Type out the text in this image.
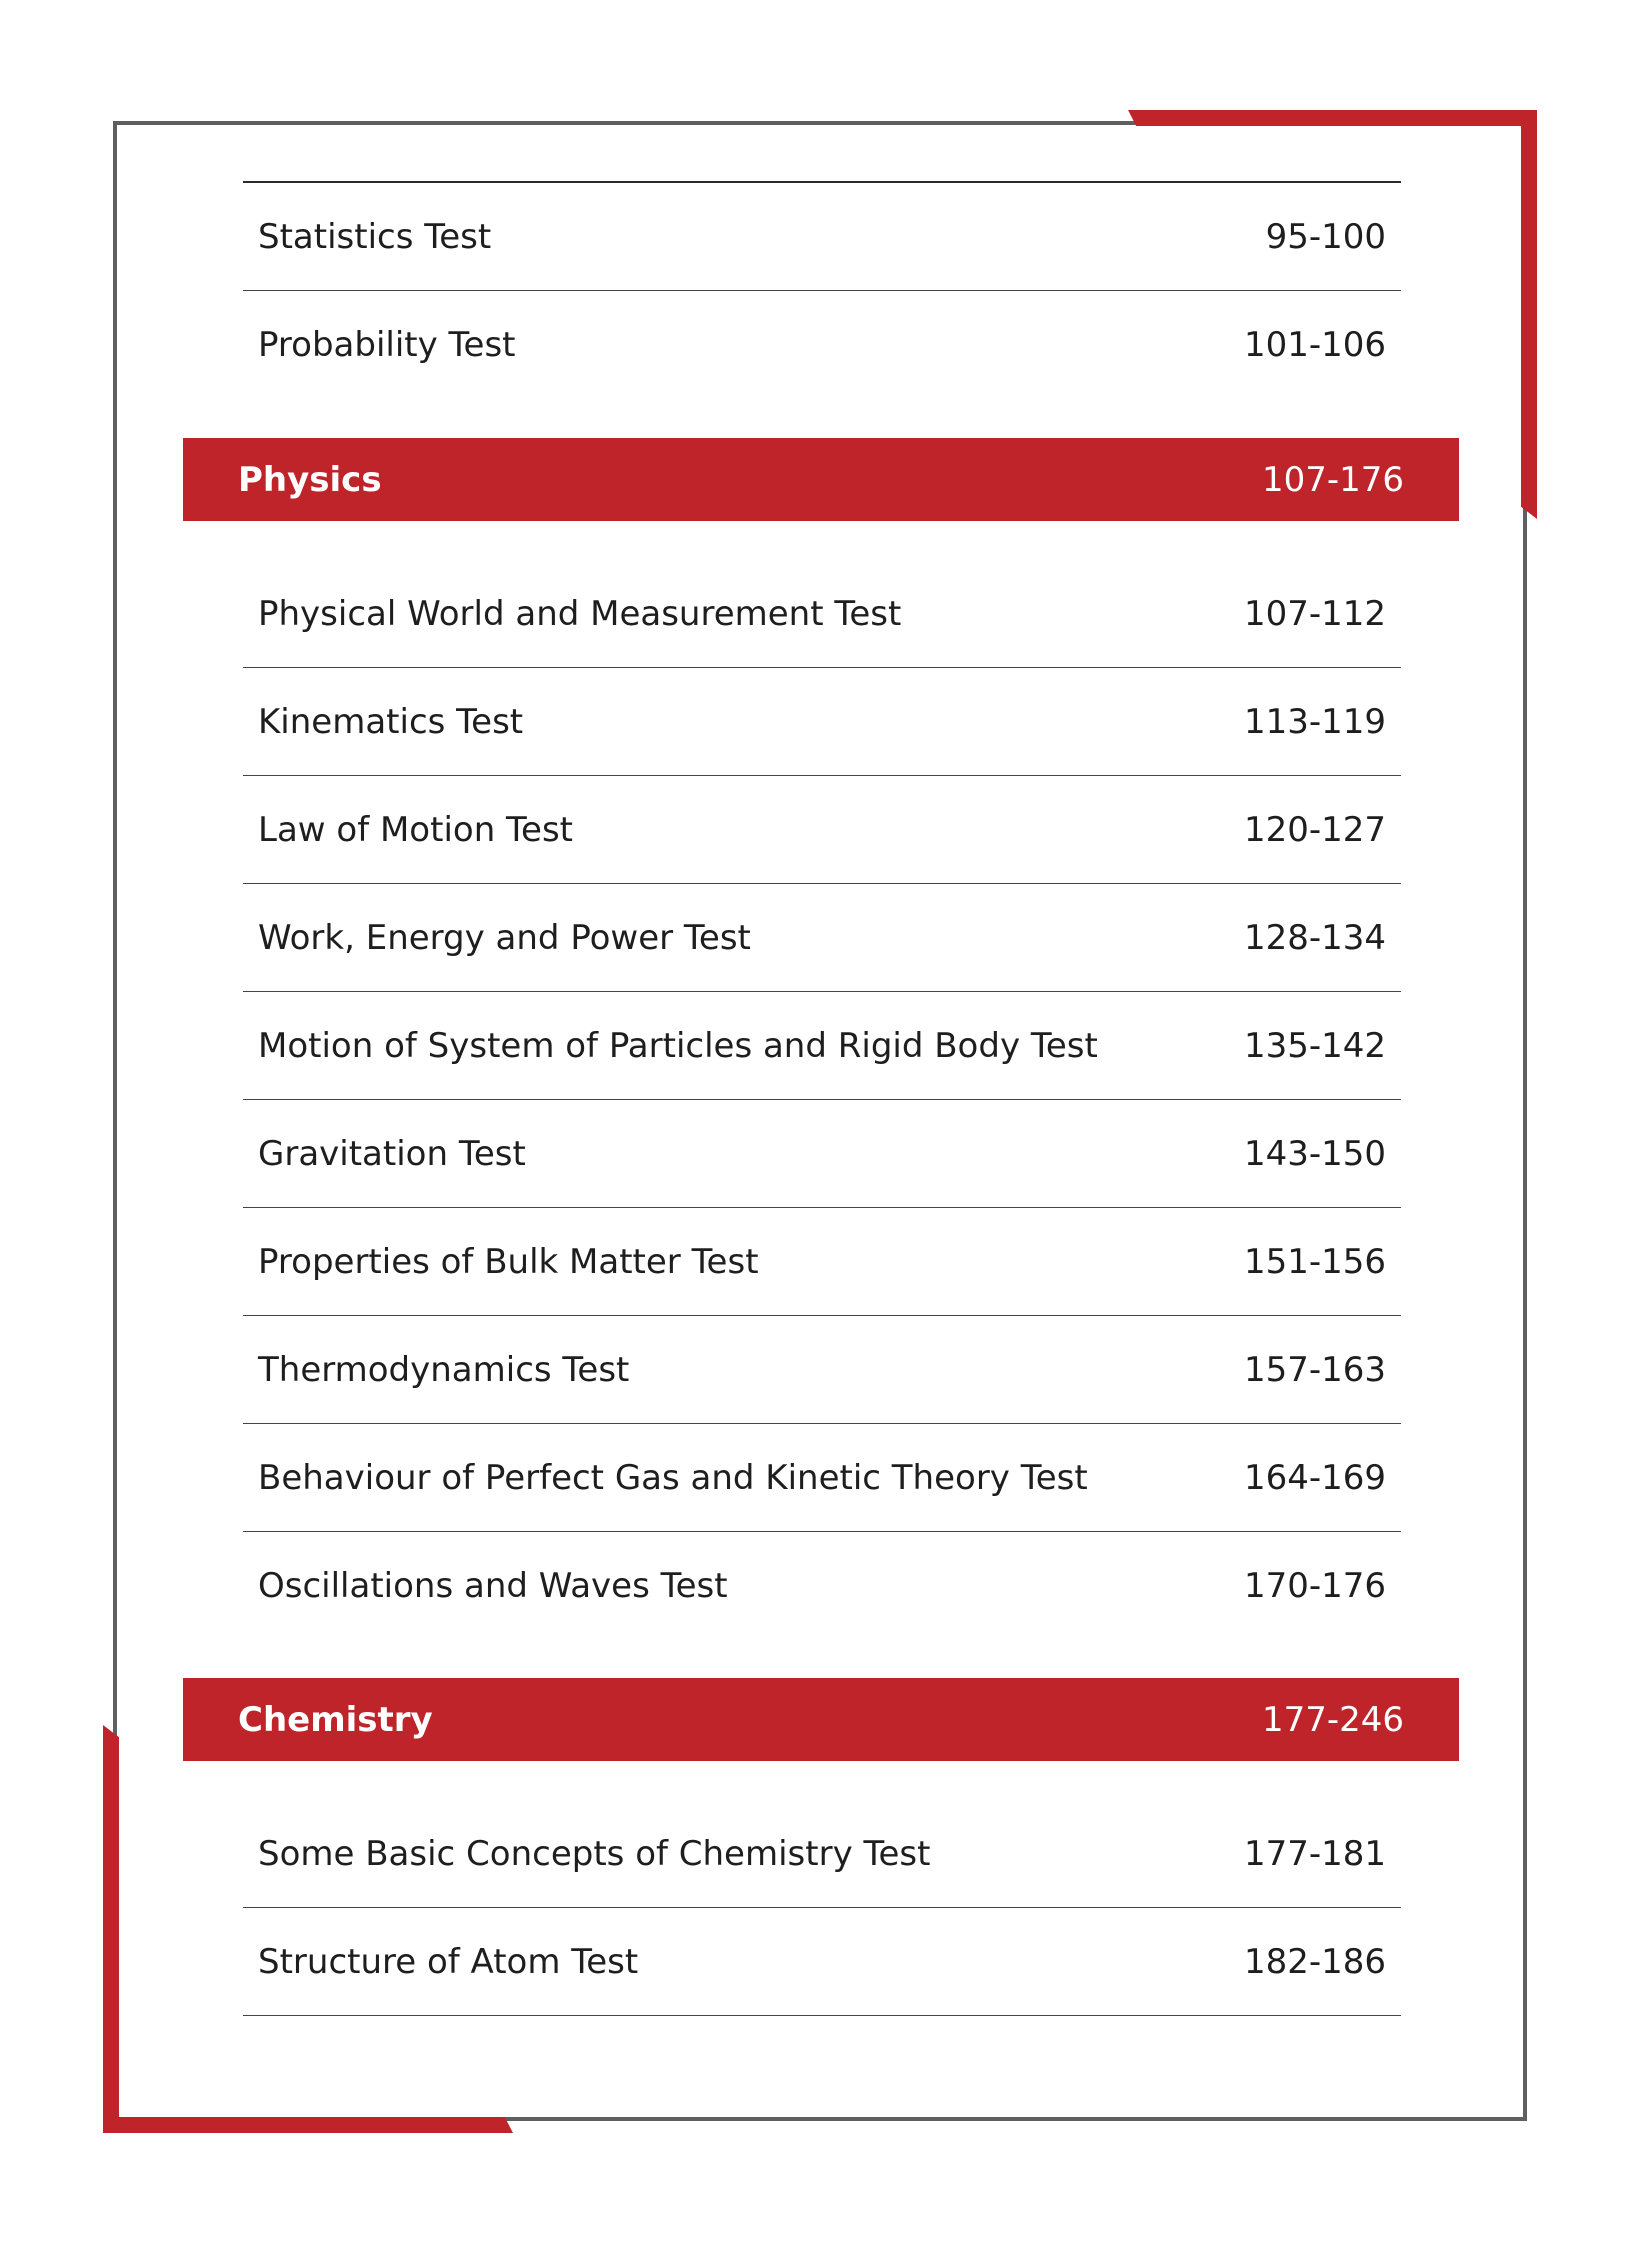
Statistics Test	95-100
Probability Test	101-106
Physics	107-176
Physical World and Measurement Test	107-112
Kinematics Test	113-119
Law of Motion Test	120-127
Work, Energy and Power Test	128-134
Motion of System of Particles and Rigid Body Test	135-142
Gravitation Test	143-150
Properties of Bulk Matter Test	151-156
Thermodynamics Test	157-163
Behaviour of Perfect Gas and Kinetic Theory Test	164-169
Oscillations and Waves Test	170-176
Chemistry	177-246
Some Basic Concepts of Chemistry Test	177-181
Structure of Atom Test	182-186
